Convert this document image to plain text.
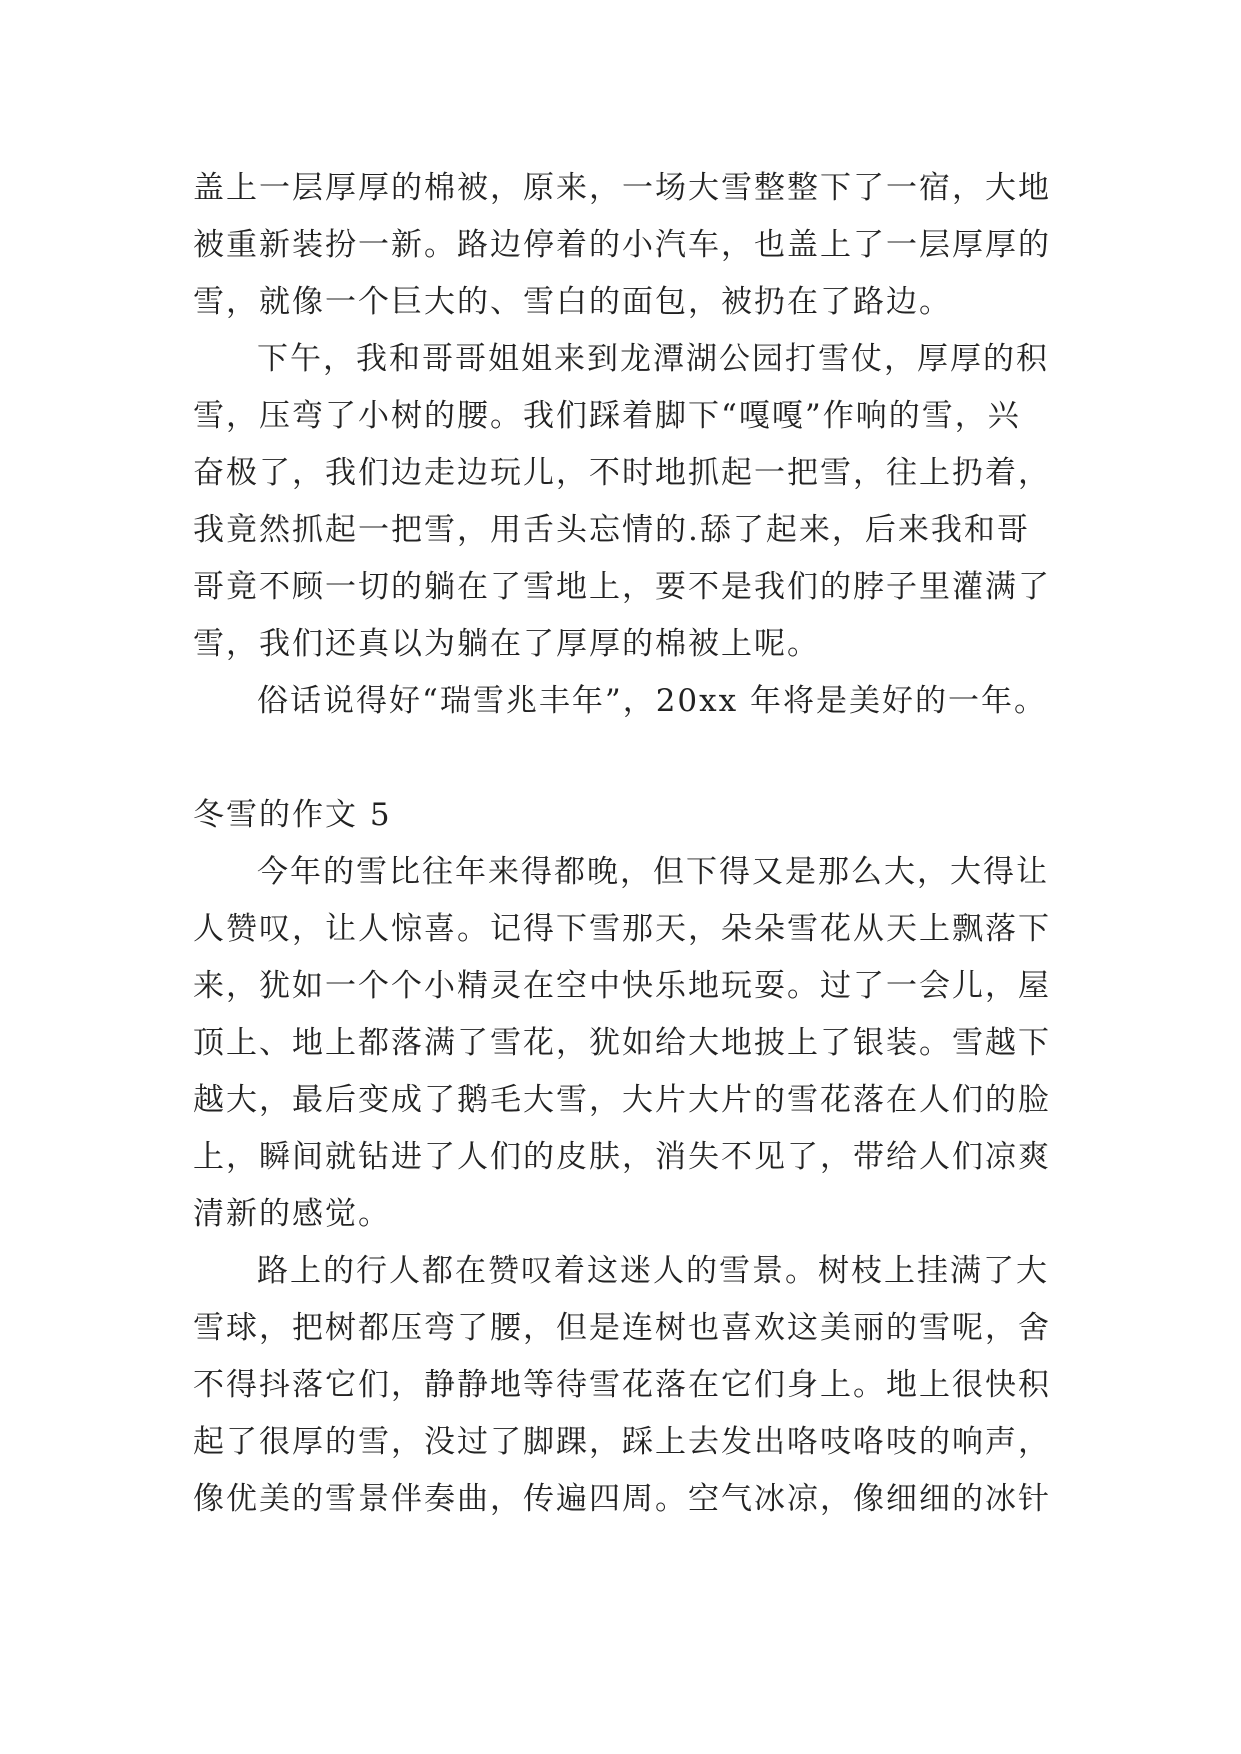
盖上一层厚厚的棉被，原来，一场大雪整整下了一宿，大地
被重新装扮一新。路边停着的小汽车，也盖上了一层厚厚的
雪，就像一个巨大的、雪白的面包，被扔在了路边。
下午，我和哥哥姐姐来到龙潭湖公园打雪仗，厚厚的积
雪，压弯了小树的腰。我们踩着脚下“嘎嘎”作响的雪，兴
奋极了，我们边走边玩儿，不时地抓起一把雪，往上扔着，
我竟然抓起一把雪，用舌头忘情的.舔了起来，后来我和哥
哥竟不顾一切的躺在了雪地上，要不是我们的脖子里灌满了
雪，我们还真以为躺在了厚厚的棉被上呢。
俗话说得好“瑞雪兆丰年”，20xx 年将是美好的一年。
冬雪的作文 5
今年的雪比往年来得都晚，但下得又是那么大，大得让
人赞叹，让人惊喜。记得下雪那天，朵朵雪花从天上飘落下
来，犹如一个个小精灵在空中快乐地玩耍。过了一会儿，屋
顶上、地上都落满了雪花，犹如给大地披上了银装。雪越下
越大，最后变成了鹅毛大雪，大片大片的雪花落在人们的脸
上，瞬间就钻进了人们的皮肤，消失不见了，带给人们凉爽
清新的感觉。
路上的行人都在赞叹着这迷人的雪景。树枝上挂满了大
雪球，把树都压弯了腰，但是连树也喜欢这美丽的雪呢，舍
不得抖落它们，静静地等待雪花落在它们身上。地上很快积
起了很厚的雪，没过了脚踝，踩上去发出咯吱咯吱的响声，
像优美的雪景伴奏曲，传遍四周。空气冰凉，像细细的冰针
